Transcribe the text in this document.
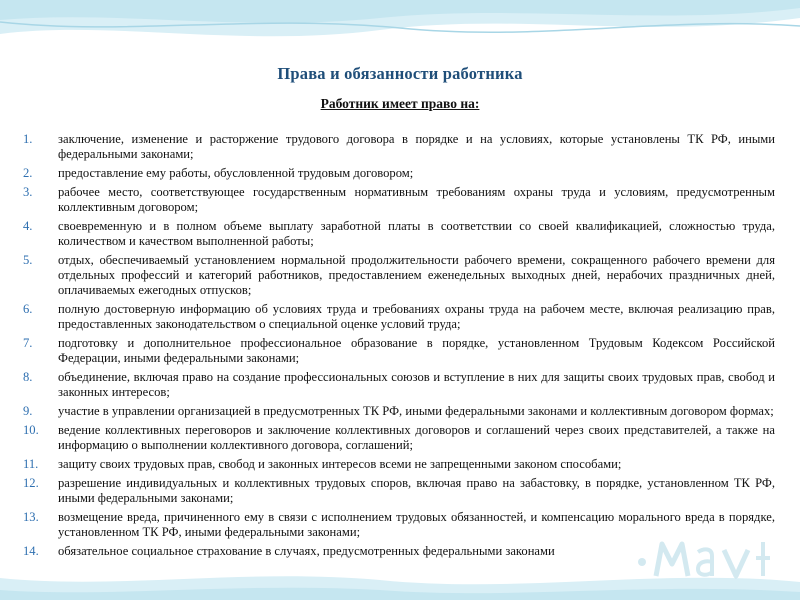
Права и обязанности работника
Работник имеет право на:
1. заключение, изменение и расторжение трудового договора в порядке и на условиях, которые установлены ТК РФ, иными федеральными законами;
2. предоставление ему работы, обусловленной трудовым договором;
3. рабочее место, соответствующее государственным нормативным требованиям охраны труда и условиям, предусмотренным коллективным договором;
4. своевременную и в полном объеме выплату заработной платы в соответствии со своей квалификацией, сложностью труда, количеством и качеством выполненной работы;
5. отдых, обеспечиваемый установлением нормальной продолжительности рабочего времени, сокращенного рабочего времени для отдельных профессий и категорий работников, предоставлением еженедельных выходных дней, нерабочих праздничных дней, оплачиваемых ежегодных отпусков;
6. полную достоверную информацию об условиях труда и требованиях охраны труда на рабочем месте, включая реализацию прав, предоставленных законодательством о специальной оценке условий труда;
7. подготовку и дополнительное профессиональное образование в порядке, установленном Трудовым Кодексом Российской Федерации, иными федеральными законами;
8. объединение, включая право на создание профессиональных союзов и вступление в них для защиты своих трудовых прав, свобод и законных интересов;
9. участие в управлении организацией в предусмотренных ТК РФ, иными федеральными законами и коллективным договором формах;
10. ведение коллективных переговоров и заключение коллективных договоров и соглашений через своих представителей, а также на информацию о выполнении коллективного договора, соглашений;
11. защиту своих трудовых прав, свобод и законных интересов всеми не запрещенными законом способами;
12. разрешение индивидуальных и коллективных трудовых споров, включая право на забастовку, в порядке, установленном ТК РФ, иными федеральными законами;
13. возмещение вреда, причиненного ему в связи с исполнением трудовых обязанностей, и компенсацию морального вреда в порядке, установленном ТК РФ, иными федеральными законами;
14. обязательное социальное страхование в случаях, предусмотренных федеральными законами
